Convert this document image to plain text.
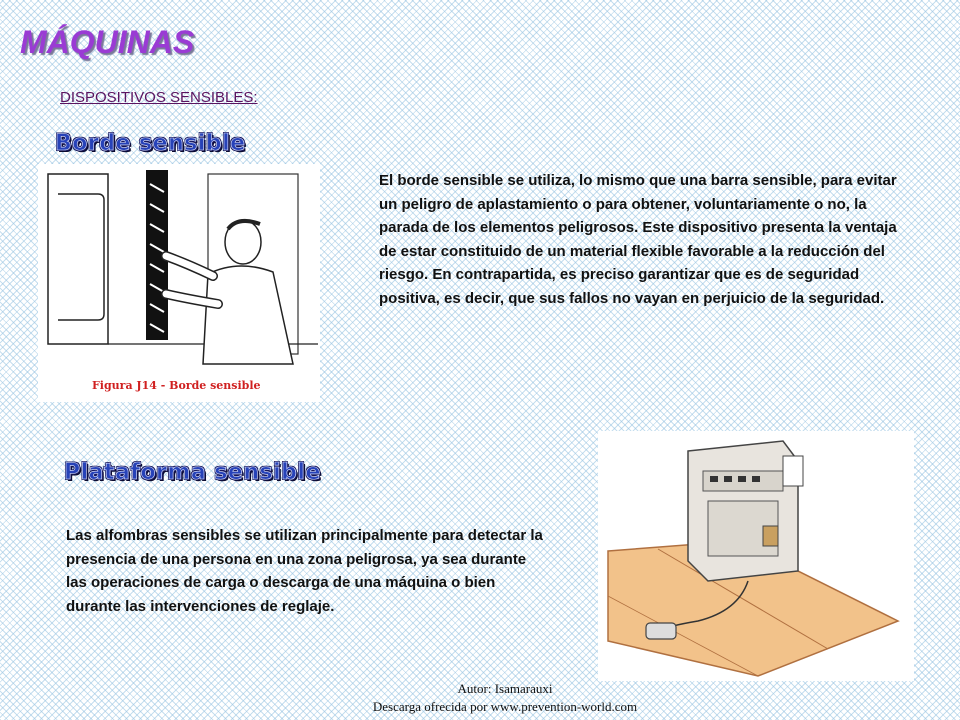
MÁQUINAS
DISPOSITIVOS SENSIBLES:
Borde sensible
Figura J14 - Borde sensible
El borde sensible se utiliza, lo mismo que una barra sensible, para evitar un peligro de aplastamiento o para obtener, voluntariamente o no, la parada de los elementos peligrosos. Este dispositivo presenta la ventaja de estar constituido de un material flexible favorable a la reducción del riesgo. En contrapartida, es preciso garantizar que es de seguridad positiva, es decir, que sus fallos no vayan en perjuicio de la seguridad.
Plataforma sensible
Las alfombras sensibles se utilizan principalmente para detectar la presencia de una persona en una zona peligrosa, ya sea durante las operaciones de carga o descarga de una máquina o bien durante las intervenciones de reglaje.
Autor: Isamarauxi
Descarga ofrecida por www.prevention-world.com
